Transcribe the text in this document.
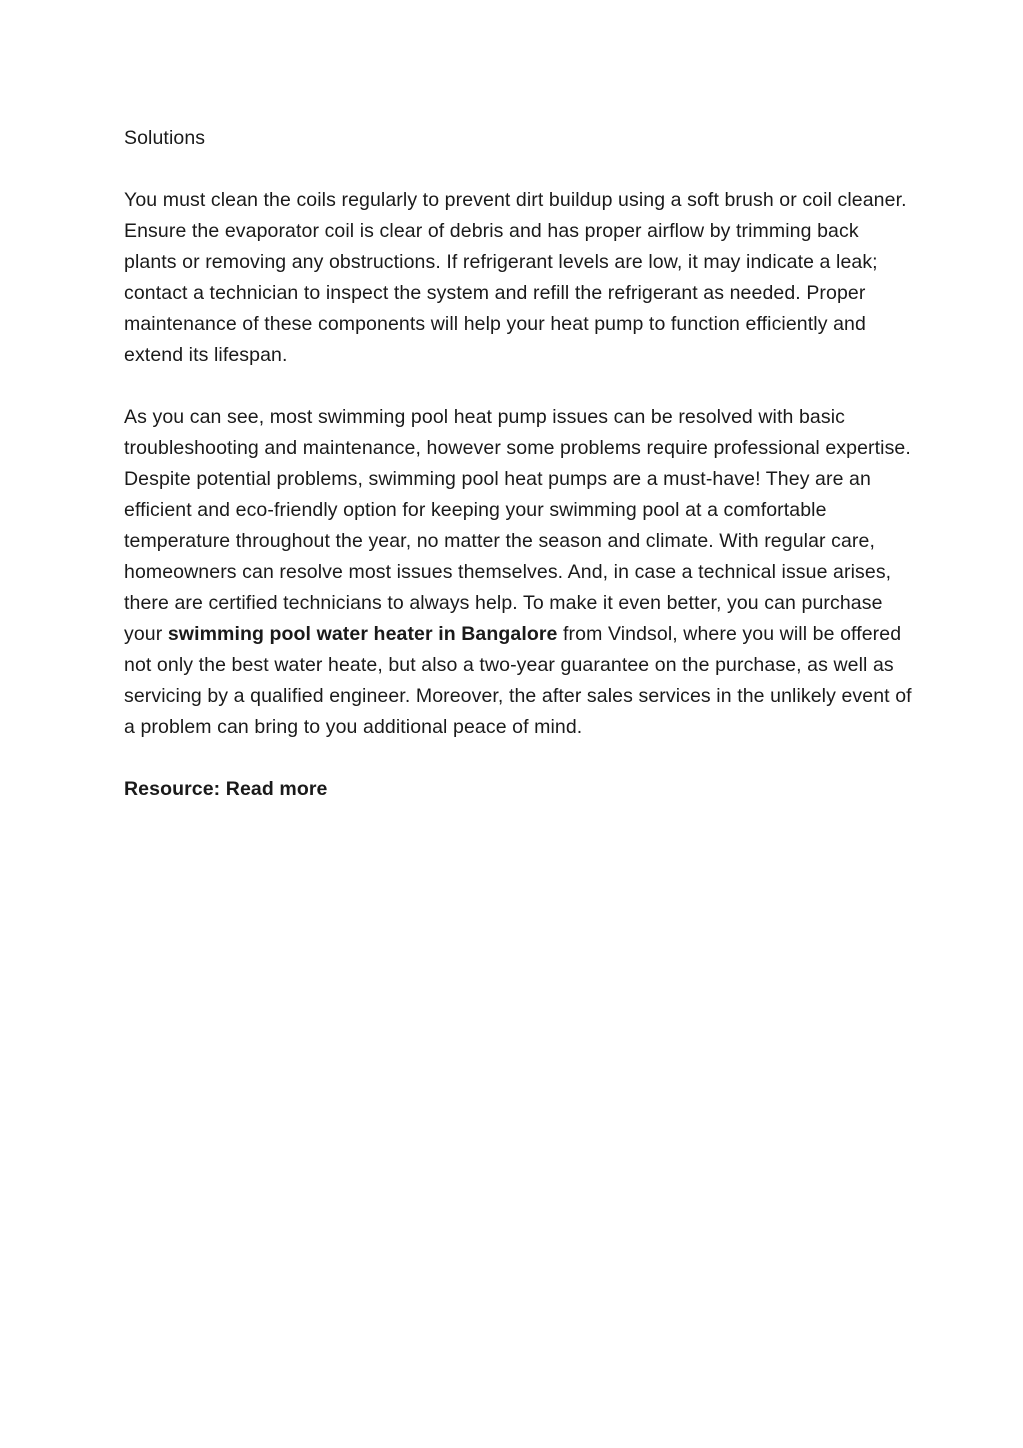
Solutions

You must clean the coils regularly to prevent dirt buildup using a soft brush or coil cleaner. Ensure the evaporator coil is clear of debris and has proper airflow by trimming back plants or removing any obstructions. If refrigerant levels are low, it may indicate a leak; contact a technician to inspect the system and refill the refrigerant as needed. Proper maintenance of these components will help your heat pump to function efficiently and extend its lifespan.

As you can see, most swimming pool heat pump issues can be resolved with basic troubleshooting and maintenance, however some problems require professional expertise. Despite potential problems, swimming pool heat pumps are a must-have! They are an efficient and eco-friendly option for keeping your swimming pool at a comfortable temperature throughout the year, no matter the season and climate. With regular care, homeowners can resolve most issues themselves. And, in case a technical issue arises, there are certified technicians to always help. To make it even better, you can purchase your swimming pool water heater in Bangalore from Vindsol, where you will be offered not only the best water heate, but also a two-year guarantee on the purchase, as well as servicing by a qualified engineer. Moreover, the after sales services in the unlikely event of a problem can bring to you additional peace of mind.

Resource: Read more
